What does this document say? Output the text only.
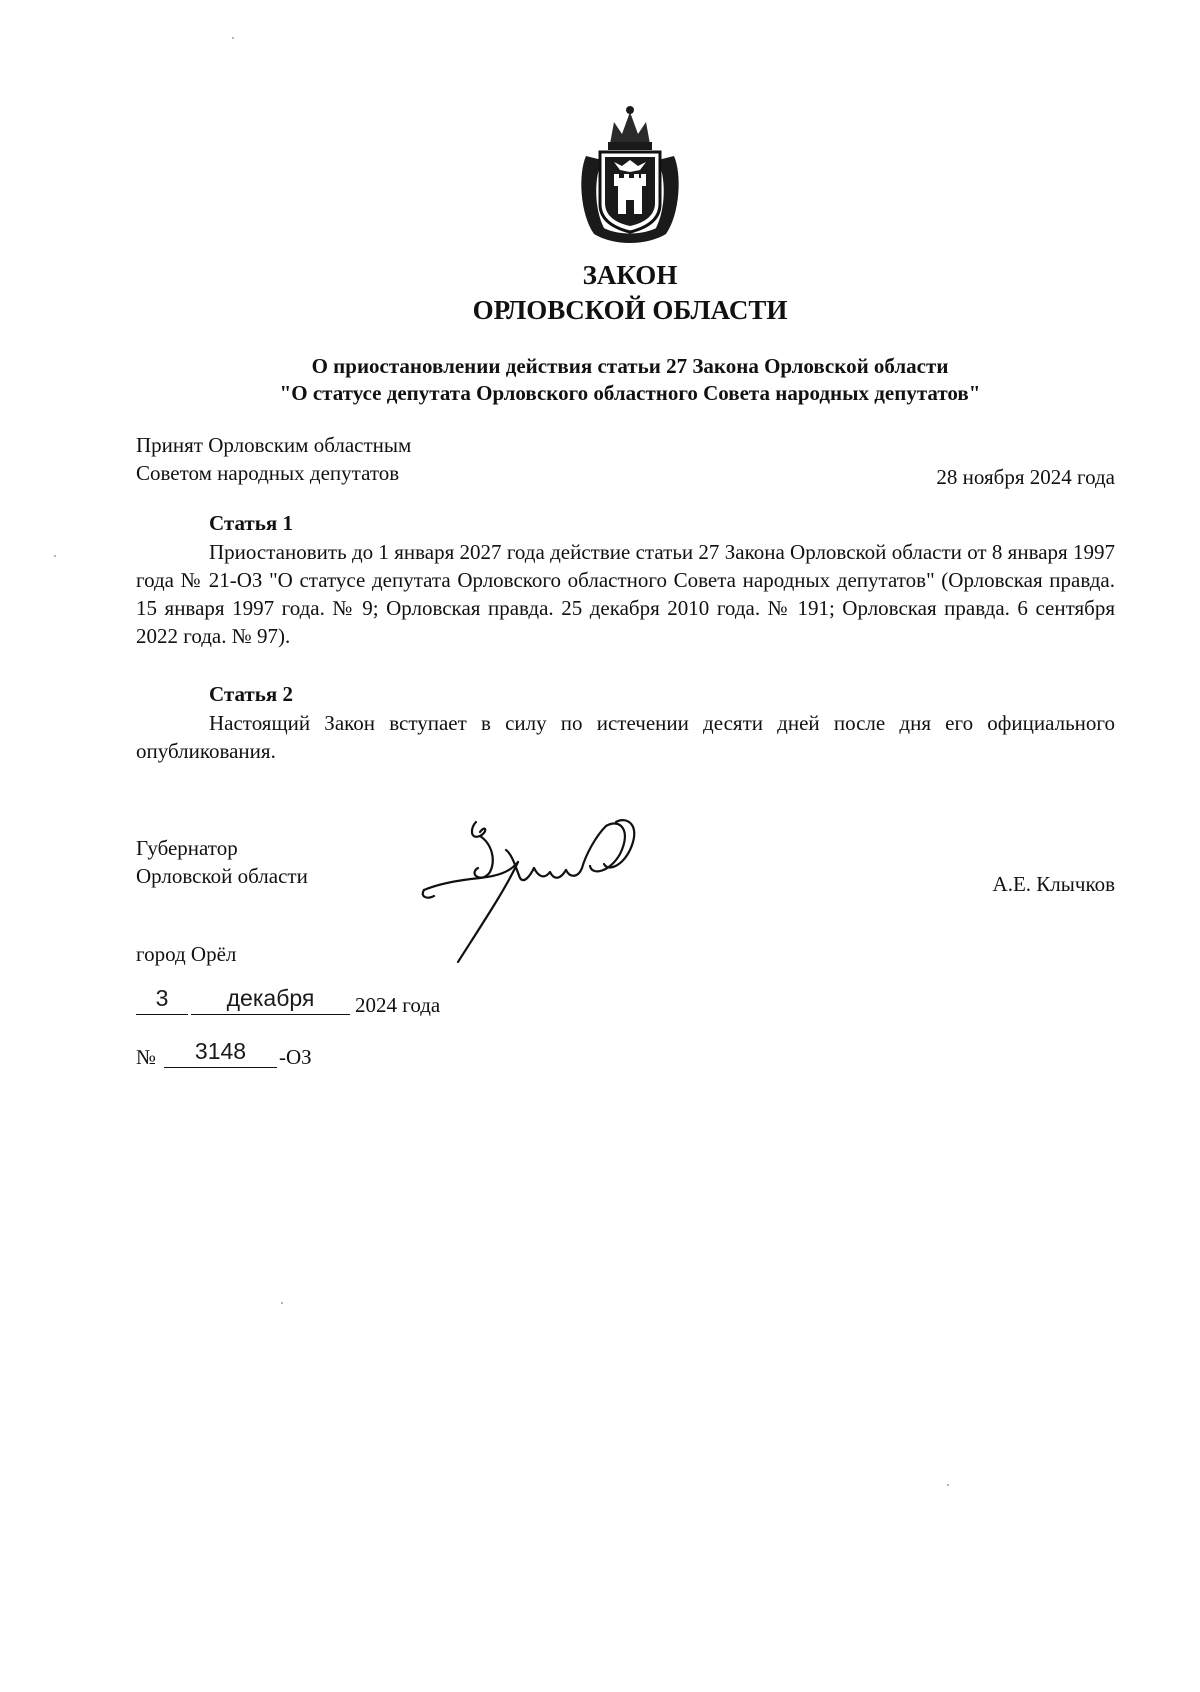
ЗАКОН
ОРЛОВСКОЙ ОБЛАСТИ
О приостановлении действия статьи 27 Закона Орловской области
"О статусе депутата Орловского областного Совета народных депутатов"
Принят Орловским областным
Советом народных депутатов	28 ноября 2024 года
Статья 1
Приостановить до 1 января 2027 года действие статьи 27 Закона Орловской области от 8 января 1997 года № 21-ОЗ "О статусе депутата Орловского областного Совета народных депутатов" (Орловская правда. 15 января 1997 года. № 9; Орловская правда. 25 декабря 2010 года. № 191; Орловская правда. 6 сентября 2022 года. № 97).
Статья 2
Настоящий Закон вступает в силу по истечении десяти дней после дня его официального опубликования.
Губернатор
Орловской области	А.Е. Клычков
город Орёл
3	декабря	2024 года
№	3148	-ОЗ
